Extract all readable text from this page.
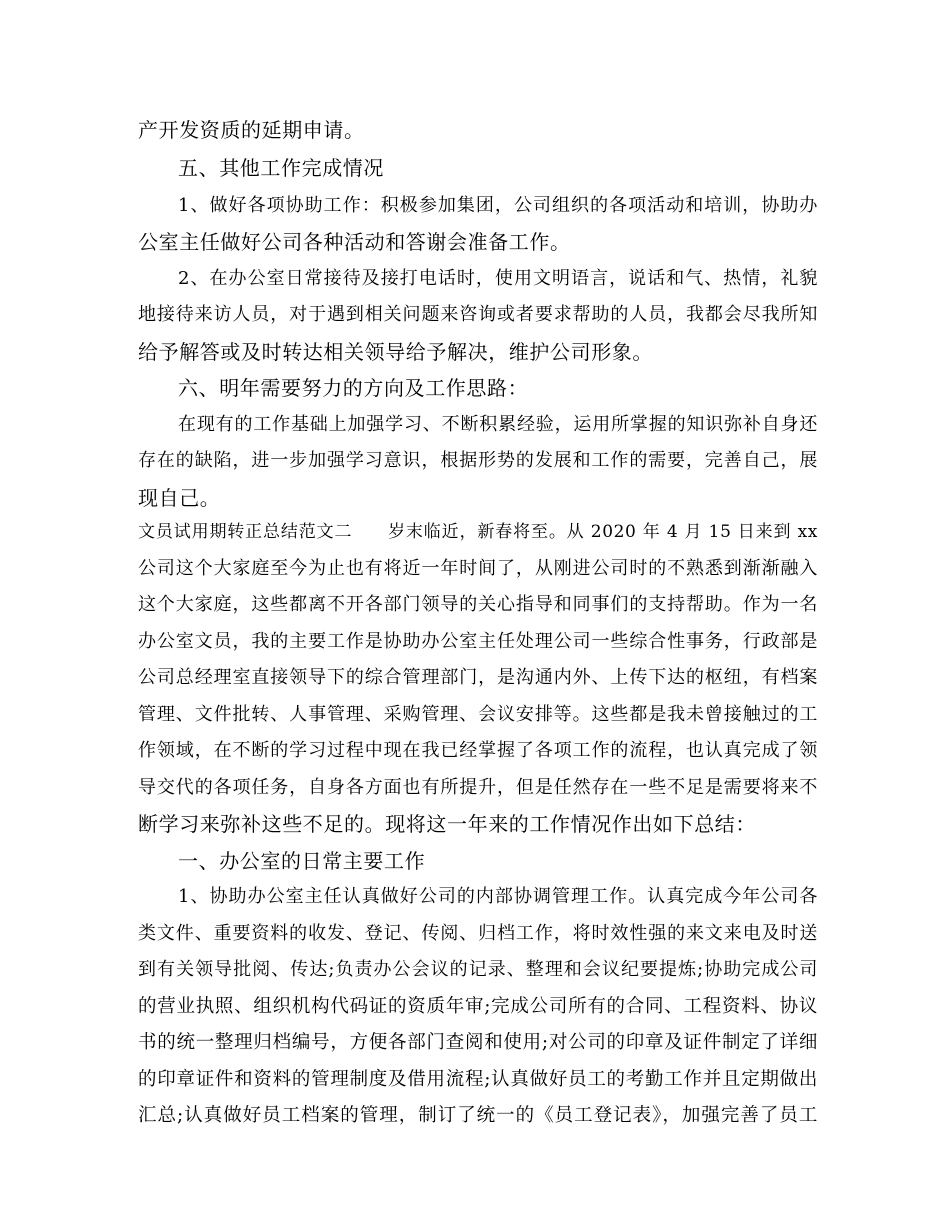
产开发资质的延期申请。
五、其他工作完成情况
1、做好各项协助工作：积极参加集团，公司组织的各项活动和培训，协助办
公室主任做好公司各种活动和答谢会准备工作。
2、在办公室日常接待及接打电话时，使用文明语言，说话和气、热情，礼貌
地接待来访人员，对于遇到相关问题来咨询或者要求帮助的人员，我都会尽我所知
给予解答或及时转达相关领导给予解决，维护公司形象。
六、明年需要努力的方向及工作思路：
在现有的工作基础上加强学习、不断积累经验，运用所掌握的知识弥补自身还
存在的缺陷，进一步加强学习意识，根据形势的发展和工作的需要，完善自己，展
现自己。
文员试用期转正总结范文二　　岁末临近，新春将至。从 2020 年 4 月 15 日来到 xx
公司这个大家庭至今为止也有将近一年时间了，从刚进公司时的不熟悉到渐渐融入
这个大家庭，这些都离不开各部门领导的关心指导和同事们的支持帮助。作为一名
办公室文员，我的主要工作是协助办公室主任处理公司一些综合性事务，行政部是
公司总经理室直接领导下的综合管理部门，是沟通内外、上传下达的枢纽，有档案
管理、文件批转、人事管理、采购管理、会议安排等。这些都是我未曾接触过的工
作领域，在不断的学习过程中现在我已经掌握了各项工作的流程，也认真完成了领
导交代的各项任务，自身各方面也有所提升，但是任然存在一些不足是需要将来不
断学习来弥补这些不足的。现将这一年来的工作情况作出如下总结：
一、办公室的日常主要工作
1、协助办公室主任认真做好公司的内部协调管理工作。认真完成今年公司各
类文件、重要资料的收发、登记、传阅、归档工作，将时效性强的来文来电及时送
到有关领导批阅、传达;负责办公会议的记录、整理和会议纪要提炼;协助完成公司
的营业执照、组织机构代码证的资质年审;完成公司所有的合同、工程资料、协议
书的统一整理归档编号，方便各部门查阅和使用;对公司的印章及证件制定了详细
的印章证件和资料的管理制度及借用流程;认真做好员工的考勤工作并且定期做出
汇总;认真做好员工档案的管理，制订了统一的《员工登记表》，加强完善了员工
